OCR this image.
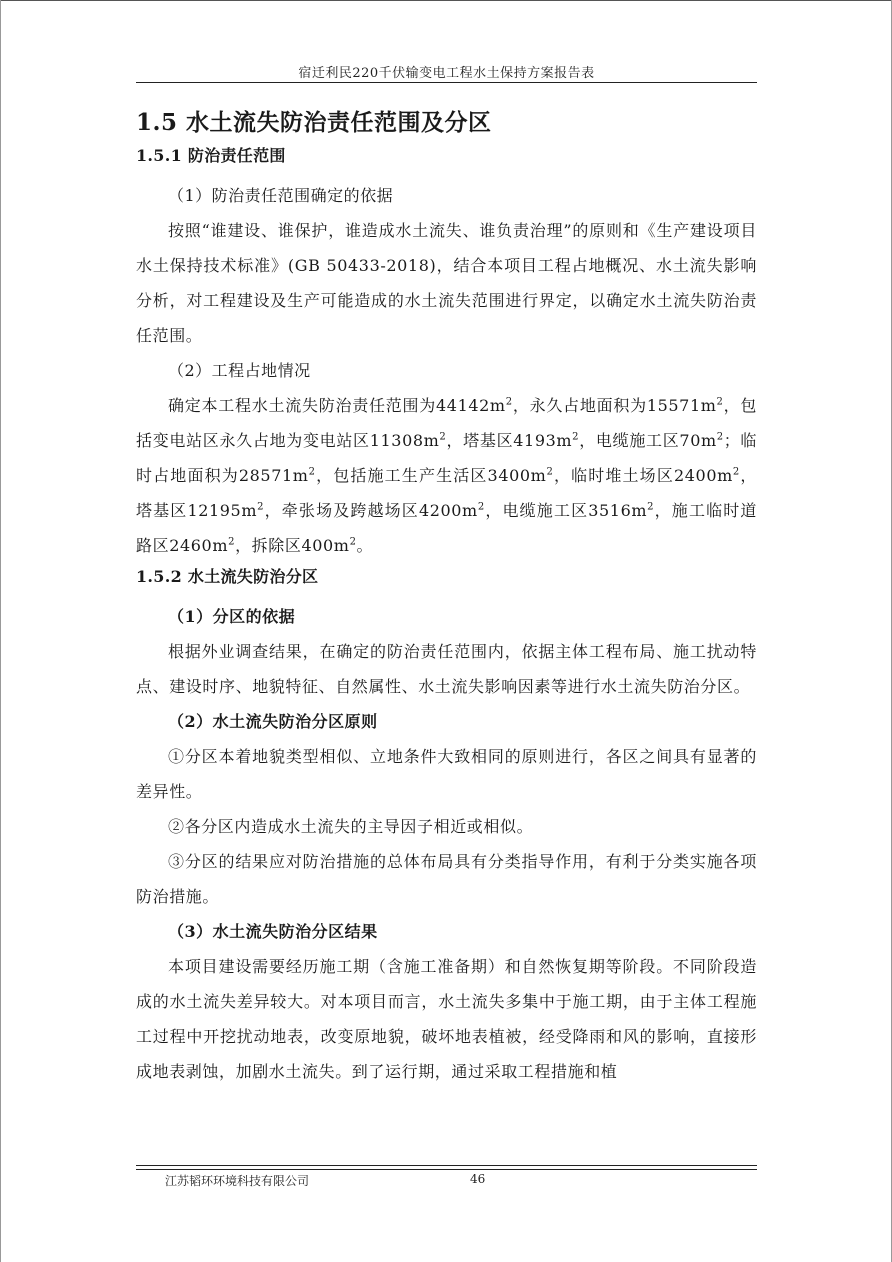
宿迁利民220千伏输变电工程水土保持方案报告表
1.5 水土流失防治责任范围及分区
1.5.1 防治责任范围

（1）防治责任范围确定的依据

按照“谁建设、谁保护，谁造成水土流失、谁负责治理”的原则和《生产建设项目水土保持技术标准》(GB 50433-2018)，结合本项目工程占地概况、水土流失影响分析，对工程建设及生产可能造成的水土流失范围进行界定，以确定水土流失防治责任范围。

（2）工程占地情况

确定本工程水土流失防治责任范围为$44142m^2$，永久占地面积为$15571m^2$，包括变电站区永久占地为变电站区$11308m^2$，塔基区$4193m^2$，电缆施工区$70m^2$；临时占地面积为$28571m^2$，包括施工生产生活区$3400m^2$，临时堆土场区$2400m^2$，塔基区$12195m^2$，牵张场及跨越场区$4200m^2$，电缆施工区$3516m^2$，施工临时道路区$2460m^2$，拆除区$400m^2$。

1.5.2 水土流失防治分区

（1）分区的依据

根据外业调查结果，在确定的防治责任范围内，依据主体工程布局、施工扰动特点、建设时序、地貌特征、自然属性、水土流失影响因素等进行水土流失防治分区。

（2）水土流失防治分区原则

①分区本着地貌类型相似、立地条件大致相同的原则进行，各区之间具有显著的差异性。

②各分区内造成水土流失的主导因子相近或相似。

③分区的结果应对防治措施的总体布局具有分类指导作用，有利于分类实施各项防治措施。

（3）水土流失防治分区结果

本项目建设需要经历施工期（含施工准备期）和自然恢复期等阶段。不同阶段造成的水土流失差异较大。对本项目而言，水土流失多集中于施工期，由于主体工程施工过程中开挖扰动地表，改变原地貌，破坏地表植被，经受降雨和风的影响，直接形成地表剥蚀，加剧水土流失。到了运行期，通过采取工程措施和植

江苏韬环环境科技有限公司	46
